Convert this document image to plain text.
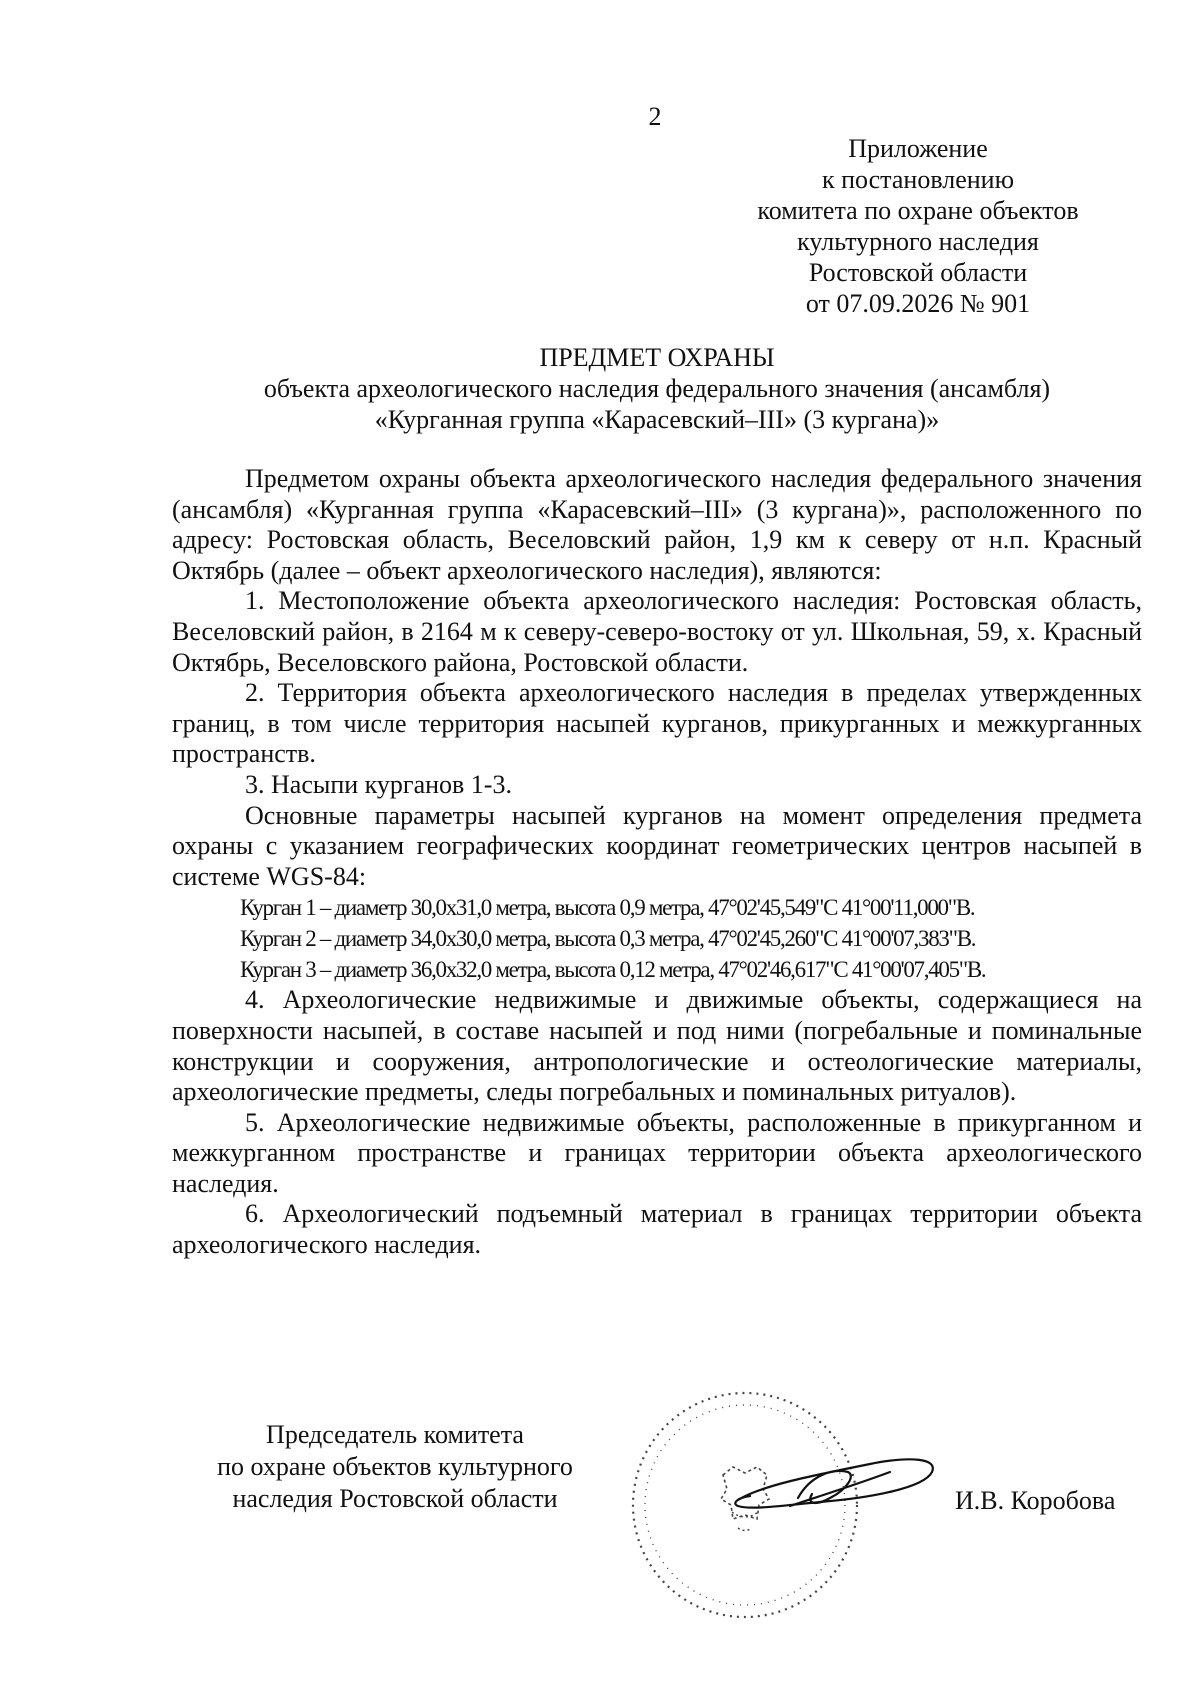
2
Приложение
к постановлению
комитета по охране объектов
культурного наследия
Ростовской области
от 07.09.2026 № 901
ПРЕДМЕТ ОХРАНЫ
объекта археологического наследия федерального значения (ансамбля)
«Курганная группа «Карасевский–III» (3 кургана)»

Предметом охраны объекта археологического наследия федерального значения (ансамбля) «Курганная группа «Карасевский–III» (3 кургана)», расположенного по адресу: Ростовская область, Веселовский район, 1,9 км к северу от н.п. Красный Октябрь (далее – объект археологического наследия), являются:

1. Местоположение объекта археологического наследия: Ростовская область, Веселовский район, в 2164 м к северу-северо-востоку от ул. Школьная, 59, х. Красный Октябрь, Веселовского района, Ростовской области.

2. Территория объекта археологического наследия в пределах утвержденных границ, в том числе территория насыпей курганов, прикурганных и межкурганных пространств.

3. Насыпи курганов 1-3.

Основные параметры насыпей курганов на момент определения предмета охраны с указанием географических координат геометрических центров насыпей в системе WGS-84:

Курган 1 – диаметр 30,0х31,0 метра, высота 0,9 метра, 47°02'45,549"С 41°00'11,000"В.
Курган 2 – диаметр 34,0х30,0 метра, высота 0,3 метра, 47°02'45,260"С 41°00'07,383"В.
Курган 3 – диаметр 36,0х32,0 метра, высота 0,12 метра, 47°02'46,617"С 41°00'07,405"В.

4. Археологические недвижимые и движимые объекты, содержащиеся на поверхности насыпей, в составе насыпей и под ними (погребальные и поминальные конструкции и сооружения, антропологические и остеологические материалы, археологические предметы, следы погребальных и поминальных ритуалов).

5. Археологические недвижимые объекты, расположенные в прикурганном и межкурганном пространстве и границах территории объекта археологического наследия.

6. Археологический подъемный материал в границах территории объекта археологического наследия.

Председатель комитета
по охране объектов культурного
наследия Ростовской области	И.В. Коробова
